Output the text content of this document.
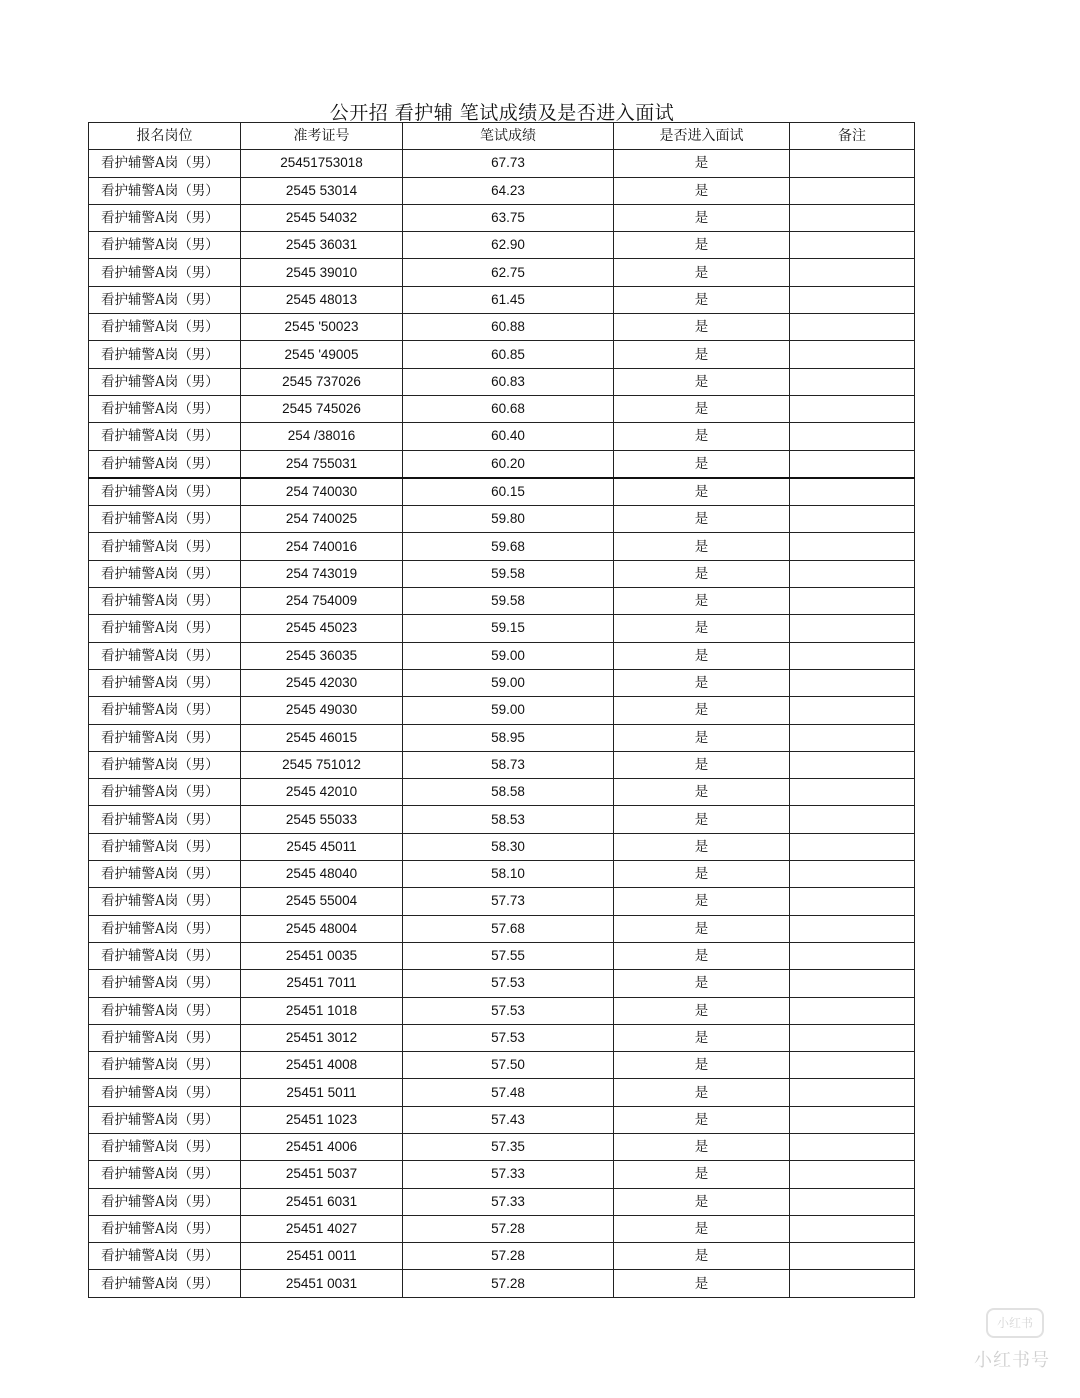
公开招 看护辅 笔试成绩及是否进入面试
报名岗位	准考证号	笔试成绩	是否进入面试	备注
看护辅警A岗（男）	25451753018	67.73	是	
看护辅警A岗（男）	2545 53014	64.23	是	
看护辅警A岗（男）	2545 54032	63.75	是	
看护辅警A岗（男）	2545 36031	62.90	是	
看护辅警A岗（男）	2545 39010	62.75	是	
看护辅警A岗（男）	2545 48013	61.45	是	
看护辅警A岗（男）	2545 '50023	60.88	是	
看护辅警A岗（男）	2545 '49005	60.85	是	
看护辅警A岗（男）	2545 737026	60.83	是	
看护辅警A岗（男）	2545 745026	60.68	是	
看护辅警A岗（男）	254 /38016	60.40	是	
看护辅警A岗（男）	254 755031	60.20	是	
看护辅警A岗（男）	254 740030	60.15	是	
看护辅警A岗（男）	254 740025	59.80	是	
看护辅警A岗（男）	254 740016	59.68	是	
看护辅警A岗（男）	254 743019	59.58	是	
看护辅警A岗（男）	254 754009	59.58	是	
看护辅警A岗（男）	2545 45023	59.15	是	
看护辅警A岗（男）	2545 36035	59.00	是	
看护辅警A岗（男）	2545 42030	59.00	是	
看护辅警A岗（男）	2545 49030	59.00	是	
看护辅警A岗（男）	2545 46015	58.95	是	
看护辅警A岗（男）	2545 751012	58.73	是	
看护辅警A岗（男）	2545 42010	58.58	是	
看护辅警A岗（男）	2545 55033	58.53	是	
看护辅警A岗（男）	2545 45011	58.30	是	
看护辅警A岗（男）	2545 48040	58.10	是	
看护辅警A岗（男）	2545 55004	57.73	是	
看护辅警A岗（男）	2545 48004	57.68	是	
看护辅警A岗（男）	25451 0035	57.55	是	
看护辅警A岗（男）	25451 7011	57.53	是	
看护辅警A岗（男）	25451 1018	57.53	是	
看护辅警A岗（男）	25451 3012	57.53	是	
看护辅警A岗（男）	25451 4008	57.50	是	
看护辅警A岗（男）	25451 5011	57.48	是	
看护辅警A岗（男）	25451 1023	57.43	是	
看护辅警A岗（男）	25451 4006	57.35	是	
看护辅警A岗（男）	25451 5037	57.33	是	
看护辅警A岗（男）	25451 6031	57.33	是	
看护辅警A岗（男）	25451 4027	57.28	是	
看护辅警A岗（男）	25451 0011	57.28	是	
看护辅警A岗（男）	25451 0031	57.28	是	
小红书
小红书号
